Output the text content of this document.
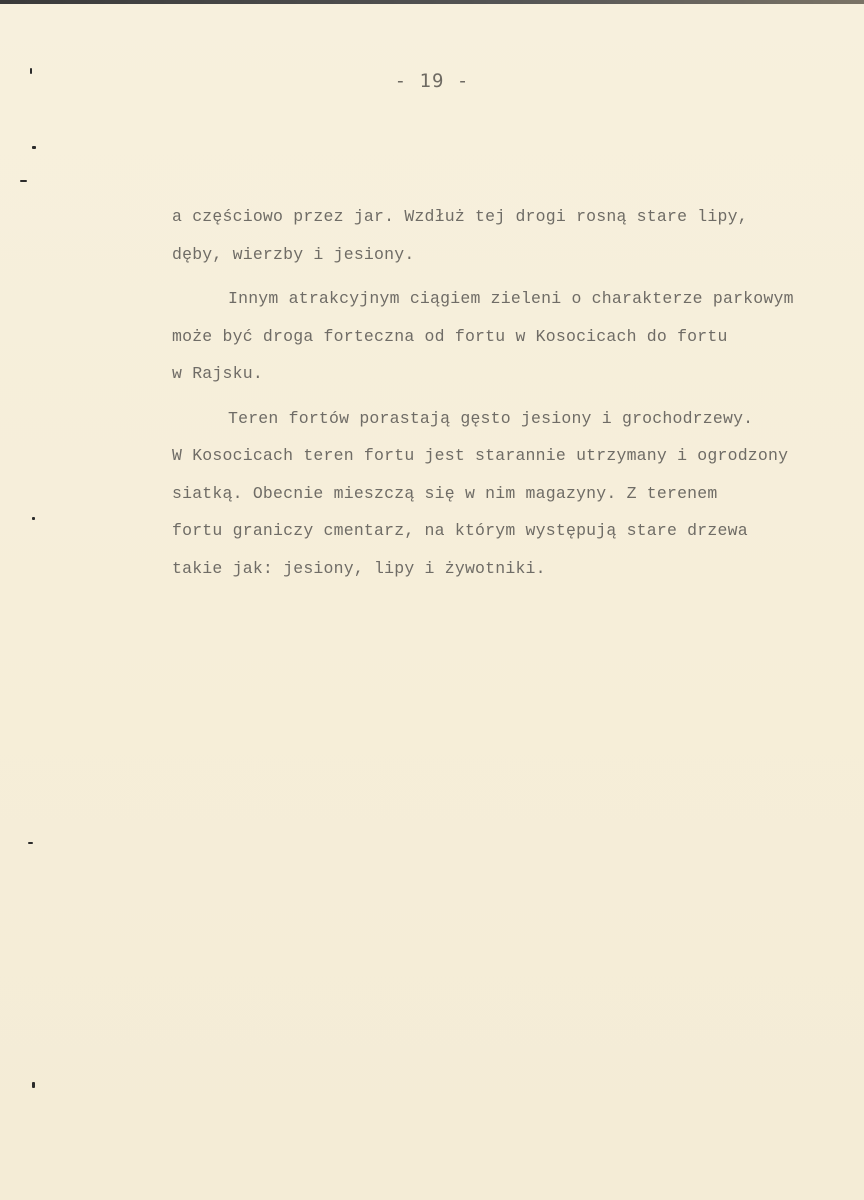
- 19 -
a częściowo przez jar. Wzdłuż tej drogi rosną stare lipy,
dęby, wierzby i jesiony.
Innym atrakcyjnym ciągiem zieleni o charakterze parkowym
może być droga forteczna od fortu w Kosocicach do fortu
w Rajsku.
Teren fortów porastają gęsto jesiony i grochodrzewy.
W Kosocicach teren fortu jest starannie utrzymany i ogrodzony
siatką. Obecnie mieszczą się w nim magazyny. Z terenem
fortu graniczy cmentarz, na którym występują stare drzewa
takie jak: jesiony, lipy i żywotniki.
